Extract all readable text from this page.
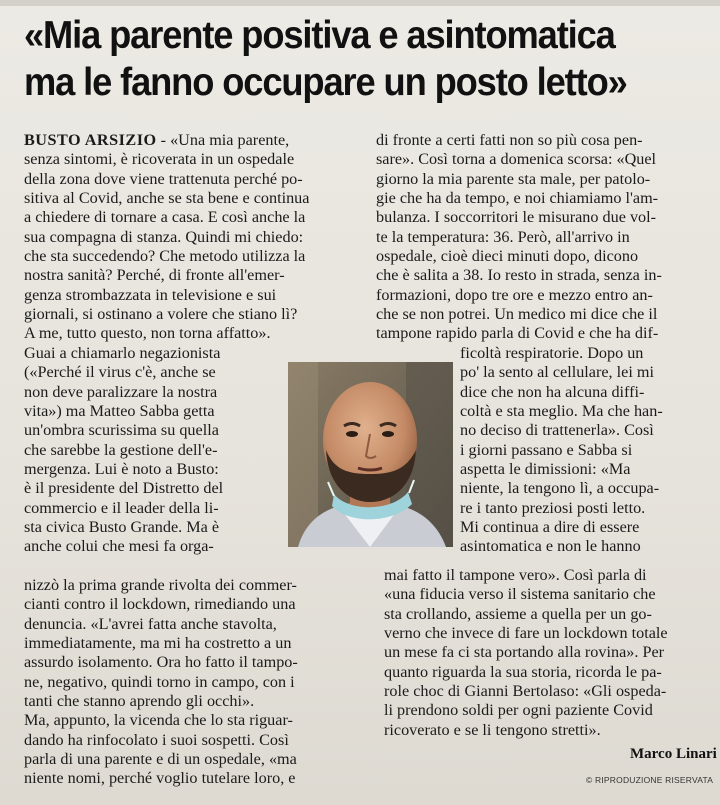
«Mia parente positiva e asintomatica
ma le fanno occupare un posto letto»
BUSTO ARSIZIO - «Una mia parente,
senza sintomi, è ricoverata in un ospedale
della zona dove viene trattenuta perché po-
sitiva al Covid, anche se sta bene e continua
a chiedere di tornare a casa. E così anche la
sua compagna di stanza. Quindi mi chiedo:
che sta succedendo? Che metodo utilizza la
nostra sanità? Perché, di fronte all'emer-
genza strombazzata in televisione e sui
giornali, si ostinano a volere che stiano lì?
A me, tutto questo, non torna affatto».
Guai a chiamarlo negazionista
(«Perché il virus c'è, anche se
non deve paralizzare la nostra
vita») ma Matteo Sabba getta
un'ombra scurissima su quella
che sarebbe la gestione dell'e-
mergenza. Lui è noto a Busto:
è il presidente del Distretto del
commercio e il leader della li-
sta civica Busto Grande. Ma è
anche colui che mesi fa orga-
nizzò la prima grande rivolta dei commer-
cianti contro il lockdown, rimediando una
denuncia. «L'avrei fatta anche stavolta,
immediatamente, ma mi ha costretto a un
assurdo isolamento. Ora ho fatto il tampo-
ne, negativo, quindi torno in campo, con i
tanti che stanno aprendo gli occhi».
Ma, appunto, la vicenda che lo sta riguar-
dando ha rinfocolato i suoi sospetti. Così
parla di una parente e di un ospedale, «ma
niente nomi, perché voglio tutelare loro, e
di fronte a certi fatti non so più cosa pen-
sare». Così torna a domenica scorsa: «Quel
giorno la mia parente sta male, per patolo-
gie che ha da tempo, e noi chiamiamo l'am-
bulanza. I soccorritori le misurano due vol-
te la temperatura: 36. Però, all'arrivo in
ospedale, cioè dieci minuti dopo, dicono
che è salita a 38. Io resto in strada, senza in-
formazioni, dopo tre ore e mezzo entro an-
che se non potrei. Un medico mi dice che il
tampone rapido parla di Covid e che ha dif-
ficoltà respiratorie. Dopo un
po' la sento al cellulare, lei mi
dice che non ha alcuna diffi-
coltà e sta meglio. Ma che han-
no deciso di trattenerla». Così
i giorni passano e Sabba si
aspetta le dimissioni: «Ma
niente, la tengono lì, a occupa-
re i tanto preziosi posti letto.
Mi continua a dire di essere
asintomatica e non le hanno
mai fatto il tampone vero». Così parla di
«una fiducia verso il sistema sanitario che
sta crollando, assieme a quella per un go-
verno che invece di fare un lockdown totale
un mese fa ci sta portando alla rovina». Per
quanto riguarda la sua storia, ricorda le pa-
role choc di Gianni Bertolaso: «Gli ospeda-
li prendono soldi per ogni paziente Covid
ricoverato e se li tengono stretti».
Marco Linari
© RIPRODUZIONE RISERVATA
